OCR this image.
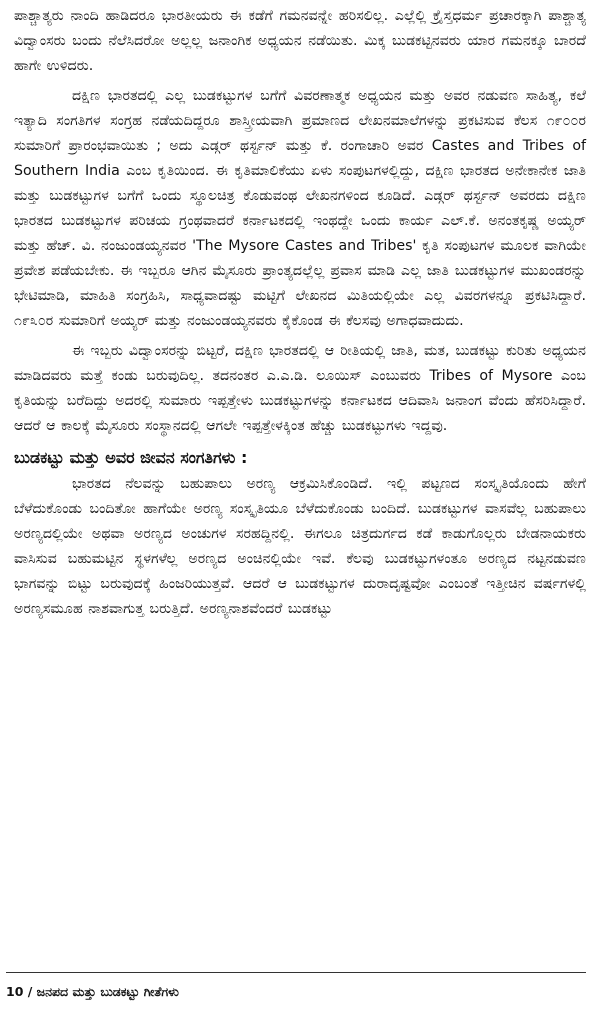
ಪಾಶ್ಚಾತ್ಯರು ನಾಂದಿ ಹಾಡಿದರೂ ಭಾರತೀಯರು ಈ ಕಡೆಗೆ ಗಮನವನ್ನೇ ಹರಿಸಲಿಲ್ಲ. ಎಲ್ಲೆಲ್ಲಿ ಕ್ರೈಸ್ತಧರ್ಮ ಪ್ರಚಾರಕ್ಕಾಗಿ ಪಾಶ್ಚಾತ್ಯ ವಿದ್ವಾಂಸರು ಬಂದು ನೆಲೆಸಿದರೋ ಅಲ್ಲಲ್ಲ ಜನಾಂಗಿಕ ಅಧ್ಯಯನ ನಡೆಯಿತು. ಮಿಕ್ಕ ಬುಡಕಟ್ಟಿನವರು ಯಾರ ಗಮನಕ್ಕೂ ಬಾರದೆ ಹಾಗೇ ಉಳಿದರು.

ದಕ್ಷಿಣ ಭಾರತದಲ್ಲಿ ಎಲ್ಲ ಬುಡಕಟ್ಟುಗಳ ಬಗೆಗೆ ವಿವರಣಾತ್ಮಕ ಅಧ್ಯಯನ ಮತ್ತು ಅವರ ನಡುವಣ ಸಾಹಿತ್ಯ, ಕಲೆ ಇತ್ಯಾದಿ ಸಂಗತಿಗಳ ಸಂಗ್ರಹ ನಡೆಯದಿದ್ದರೂ ಶಾಸ್ತ್ರೀಯವಾಗಿ ಪ್ರಮಾಣದ ಲೇಖನಮಾಲೆಗಳನ್ನು ಪ್ರಕಟಿಸುವ ಕೆಲಸ ೧೯೦೦ರ ಸುಮಾರಿಗೆ ಪ್ರಾರಂಭವಾಯಿತು ; ಅದು ಎಡ್ಗರ್ ಥರ್ಸ್ಟನ್ ಮತ್ತು ಕೆ. ರಂಗಾಚಾರಿ ಅವರ Castes and Tribes of Southern India ಎಂಬ ಕೃತಿಯಿಂದ. ಈ ಕೃತಿಮಾಲಿಕೆಯು ಏಳು ಸಂಪುಟಗಳಲ್ಲಿದ್ದು, ದಕ್ಷಿಣ ಭಾರತದ ಅನೇಕಾನೇಕ ಜಾತಿ ಮತ್ತು ಬುಡಕಟ್ಟುಗಳ ಬಗೆಗೆ ಒಂದು ಸ್ಥೂಲಚಿತ್ರ ಕೊಡುವಂಥ ಲೇಖನಗಳಿಂದ ಕೂಡಿದೆ. ಎಡ್ಗರ್ ಥರ್ಸ್ಟನ್ ಅವರದು ದಕ್ಷಿಣ ಭಾರತದ ಬುಡಕಟ್ಟುಗಳ ಪರಿಚಯ ಗ್ರಂಥವಾದರೆ ಕರ್ನಾಟಕದಲ್ಲಿ ಇಂಥದ್ದೇ ಒಂದು ಕಾರ್ಯ ಎಲ್.ಕೆ. ಅನಂತಕೃಷ್ಣ ಅಯ್ಯರ್ ಮತ್ತು ಹೆಚ್. ವಿ. ನಂಜುಂಡಯ್ಯನವರ 'The Mysore Castes and Tribes' ಕೃತಿ ಸಂಪುಟಗಳ ಮೂಲಕ ವಾಗಿಯೇ ಪ್ರವೇಶ ಪಡೆಯಬೇಕು. ಈ ಇಬ್ಬರೂ ಆಗಿನ ಮೈಸೂರು ಪ್ರಾಂತ್ಯದಲ್ಲೆಲ್ಲ ಪ್ರವಾಸ ಮಾಡಿ ಎಲ್ಲ ಜಾತಿ ಬುಡಕಟ್ಟುಗಳ ಮುಖಂಡರನ್ನು ಭೇಟಿಮಾಡಿ, ಮಾಹಿತಿ ಸಂಗ್ರಹಿಸಿ, ಸಾಧ್ಯವಾದಷ್ಟು ಮಟ್ಟಿಗೆ ಲೇಖನದ ಮಿತಿಯಲ್ಲಿಯೇ ಎಲ್ಲ ವಿವರಗಳನ್ನೂ ಪ್ರಕಟಿಸಿದ್ದಾರೆ. ೧೯೩೦ರ ಸುಮಾರಿಗೆ ಅಯ್ಯರ್ ಮತ್ತು ನಂಜುಂಡಯ್ಯನವರು ಕೈಕೊಂಡ ಈ ಕೆಲಸವು ಅಗಾಧವಾದುದು.

ಈ ಇಬ್ಬರು ವಿದ್ವಾಂಸರನ್ನು ಬಿಟ್ಟರೆ, ದಕ್ಷಿಣ ಭಾರತದಲ್ಲಿ ಆ ರೀತಿಯಲ್ಲಿ ಜಾತಿ, ಮತ, ಬುಡಕಟ್ಟು ಕುರಿತು ಅಧ್ಯಯನ ಮಾಡಿದವರು ಮತ್ತೆ ಕಂಡು ಬರುವುದಿಲ್ಲ. ತದನಂತರ ಎ.ಎ.ಡಿ. ಲೂಯಿಸ್ ಎಂಬುವರು Tribes of Mysore ಎಂಬ ಕೃತಿಯನ್ನು ಬರೆದಿದ್ದು ಅದರಲ್ಲಿ ಸುಮಾರು ಇಪ್ಪತ್ತೇಳು ಬುಡಕಟ್ಟುಗಳನ್ನು ಕರ್ನಾಟಕದ ಆದಿವಾಸಿ ಜನಾಂಗ ವೆಂದು ಹೆಸರಿಸಿದ್ದಾರೆ. ಆದರೆ ಆ ಕಾಲಕ್ಕೆ ಮೈಸೂರು ಸಂಸ್ಥಾನದಲ್ಲಿ ಆಗಲೇ ಇಪ್ಪತ್ತೇಳಕ್ಕಿಂತ ಹೆಚ್ಚು ಬುಡಕಟ್ಟುಗಳು ಇದ್ದವು.

ಬುಡಕಟ್ಟು ಮತ್ತು ಅವರ ಜೀವನ ಸಂಗತಿಗಳು :

ಭಾರತದ ನೆಲವನ್ನು ಬಹುಪಾಲು ಅರಣ್ಯ ಆಕ್ರಮಿಸಿಕೊಂಡಿದೆ. ಇಲ್ಲಿ ಪಟ್ಟಣದ ಸಂಸ್ಕೃತಿಯೊಂದು ಹೇಗೆ ಬೆಳೆದುಕೊಂಡು ಬಂದಿತೋ ಹಾಗೆಯೇ ಅರಣ್ಯ ಸಂಸ್ಕೃತಿಯೂ ಬೆಳೆದುಕೊಂಡು ಬಂದಿದೆ. ಬುಡಕಟ್ಟುಗಳ ವಾಸವೆಲ್ಲ ಬಹುಪಾಲು ಅರಣ್ಯದಲ್ಲಿಯೇ ಅಥವಾ ಅರಣ್ಯದ ಅಂಚುಗಳ ಸರಹದ್ದಿನಲ್ಲಿ. ಈಗಲೂ ಚಿತ್ರದುರ್ಗದ ಕಡೆ ಕಾಡುಗೊಲ್ಲರು ಬೇಡನಾಯಕರು ವಾಸಿಸುವ ಬಹುಮಟ್ಟಿನ ಸ್ಥಳಗಳೆಲ್ಲ ಅರಣ್ಯದ ಅಂಚಿನಲ್ಲಿಯೇ ಇವೆ. ಕೆಲವು ಬುಡಕಟ್ಟುಗಳಂತೂ ಅರಣ್ಯದ ನಟ್ಟನಡುವಣ ಭಾಗವನ್ನು ಬಿಟ್ಟು ಬರುವುದಕ್ಕೆ ಹಿಂಜರಿಯುತ್ತವೆ. ಆದರೆ ಆ ಬುಡಕಟ್ಟುಗಳ ದುರಾದೃಷ್ಟವೋ ಎಂಬಂತೆ ಇತ್ತೀಚಿನ ವರ್ಷಗಳಲ್ಲಿ ಅರಣ್ಯಸಮೂಹ ನಾಶವಾಗುತ್ತ ಬರುತ್ತಿದೆ. ಅರಣ್ಯನಾಶವೆಂದರೆ ಬುಡಕಟ್ಟು

10 / ಜನಪದ ಮತ್ತು ಬುಡಕಟ್ಟು ಗೀತೆಗಳು
